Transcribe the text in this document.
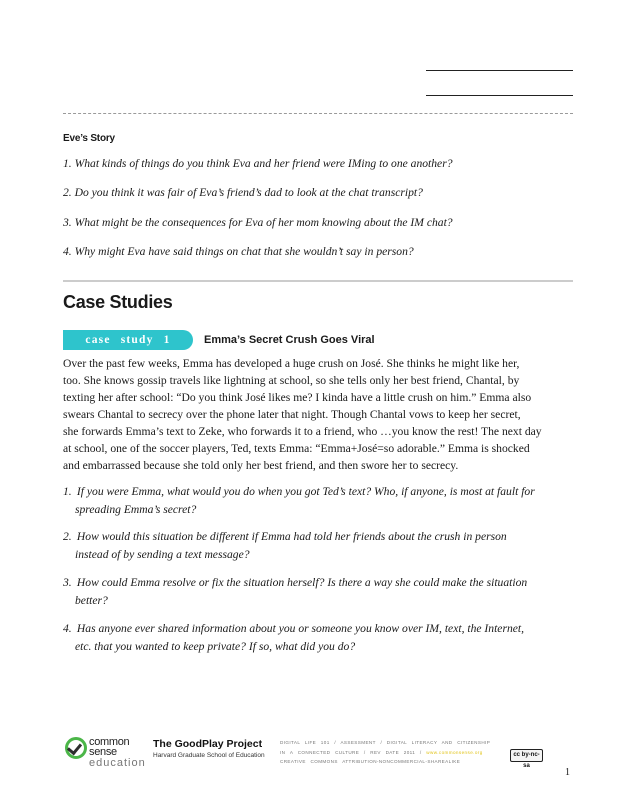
Eve’s Story
1. What kinds of things do you think Eva and her friend were IMing to one another?
2. Do you think it was fair of Eva’s friend’s dad to look at the chat transcript?
3. What might be the consequences for Eva of her mom knowing about the IM chat?
4. Why might Eva have said things on chat that she wouldn’t say in person?
Case Studies
case study 1	Emma’s Secret Crush Goes Viral
Over the past few weeks, Emma has developed a huge crush on José. She thinks he might like her,
too. She knows gossip travels like lightning at school, so she tells only her best friend, Chantal, by
texting her after school: “Do you think José likes me? I kinda have a little crush on him.” Emma also
swears Chantal to secrecy over the phone later that night. Though Chantal vows to keep her secret,
she forwards Emma’s text to Zeke, who forwards it to a friend, who …you know the rest! The next day
at school, one of the soccer players, Ted, texts Emma: “Emma+José=so adorable.” Emma is shocked
and embarrassed because she told only her best friend, and then swore her to secrecy.
1. If you were Emma, what would you do when you got Ted’s text? Who, if anyone, is most at fault for
spreading Emma’s secret?
2. How would this situation be different if Emma had told her friends about the crush in person
instead of by sending a text message?
3. How could Emma resolve or fix the situation herself? Is there a way she could make the situation
better?
4. Has anyone ever shared information about you or someone you know over IM, text, the Internet,
etc. that you wanted to keep private? If so, what did you do?
common
sense
education
The GoodPlay Project
Harvard Graduate School of Education
DIGITAL LIFE 101 / ASSESSMENT / DIGITAL LITERACY AND CITIZENSHIP
IN A CONNECTED CULTURE / REV DATE 2011 / www.commonsense.org
CREATIVE COMMONS ATTRIBUTION-NONCOMMERCIAL-SHAREALIKE
cc by-nc-sa
1
